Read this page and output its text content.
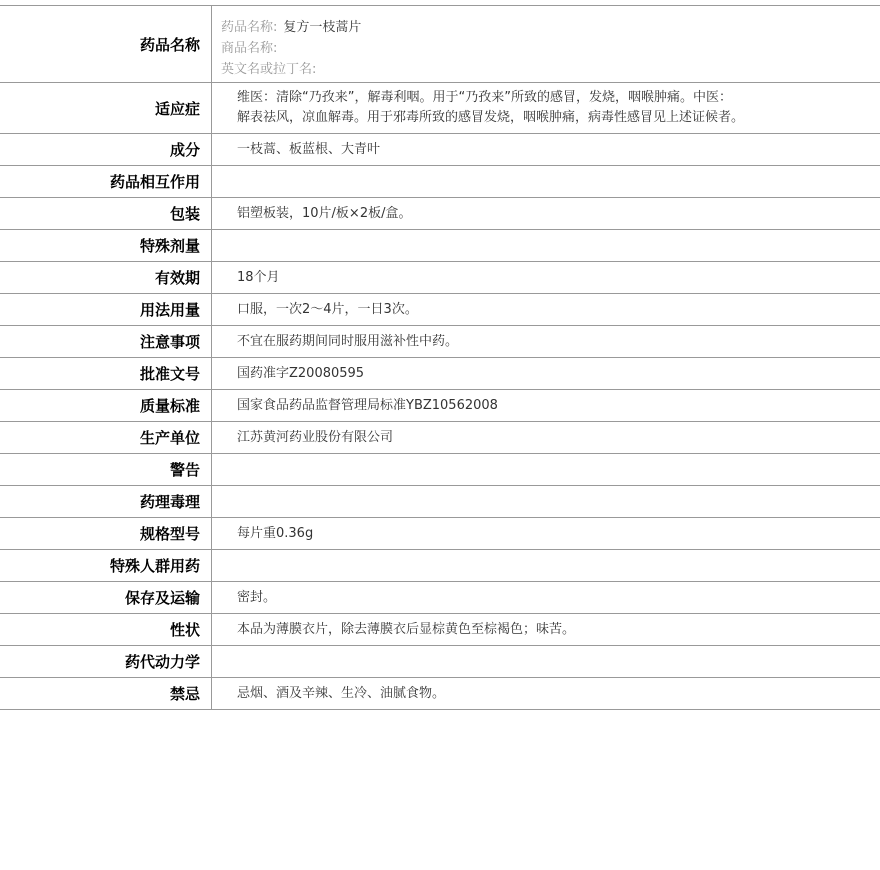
药品名称	药品名称: 复方一枝蒿片
商品名称:
英文名或拉丁名:

适应症	维医：清除“乃孜来”，解毒利咽。用于“乃孜来”所致的感冒，发烧，咽喉肿痛。中医：
解表祛风，凉血解毒。用于邪毒所致的感冒发烧，咽喉肿痛，病毒性感冒见上述证候者。

成分	一枝蒿、板蓝根、大青叶
药品相互作用	
包装	铝塑板装，10片/板×2板/盒。
特殊剂量	
有效期	18个月
用法用量	口服，一次2～4片，一日3次。
注意事项	不宜在服药期间同时服用滋补性中药。
批准文号	国药准字Z20080595
质量标准	国家食品药品监督管理局标准YBZ10562008
生产单位	江苏黄河药业股份有限公司
警告	
药理毒理	
规格型号	每片重0.36g
特殊人群用药	
保存及运输	密封。
性状	本品为薄膜衣片，除去薄膜衣后显棕黄色至棕褐色；味苦。
药代动力学	
禁忌	忌烟、酒及辛辣、生冷、油腻食物。
